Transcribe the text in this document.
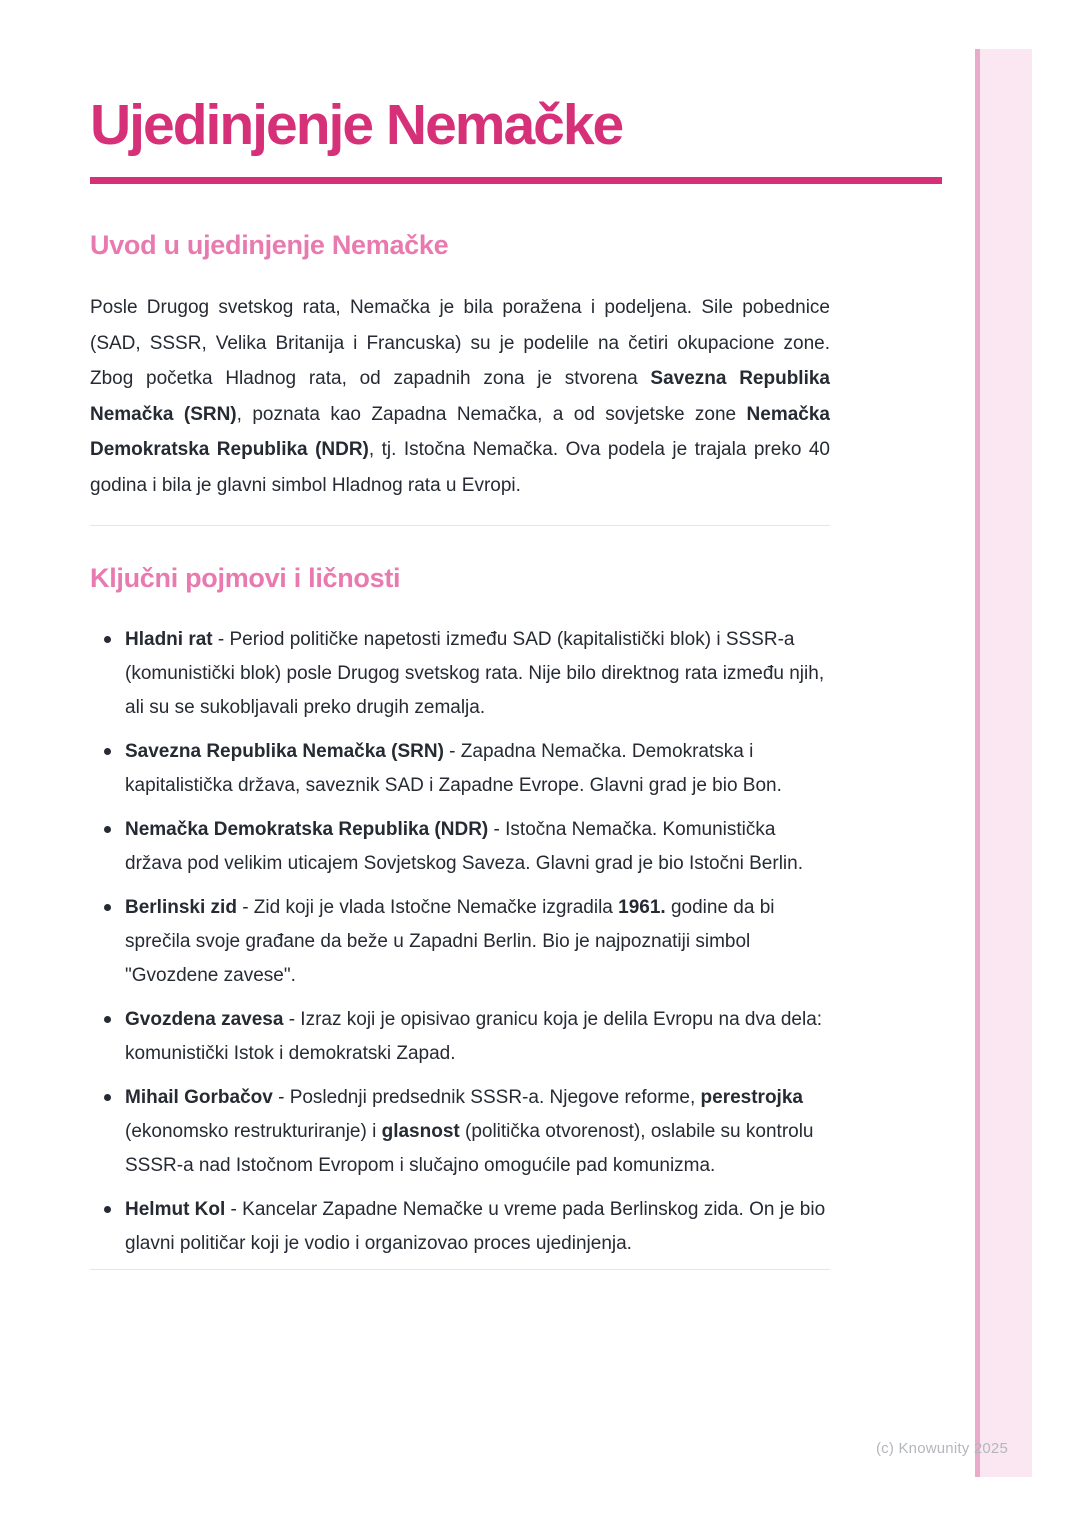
Ujedinjenje Nemačke
Uvod u ujedinjenje Nemačke

Posle Drugog svetskog rata, Nemačka je bila poražena i podeljena. Sile pobednice (SAD, SSSR, Velika Britanija i Francuska) su je podelile na četiri okupacione zone. Zbog početka Hladnog rata, od zapadnih zona je stvorena Savezna Republika Nemačka (SRN), poznata kao Zapadna Nemačka, a od sovjetske zone Nemačka Demokratska Republika (NDR), tj. Istočna Nemačka. Ova podela je trajala preko 40 godina i bila je glavni simbol Hladnog rata u Evropi.

Ključni pojmovi i ličnosti
Hladni rat - Period političke napetosti između SAD (kapitalistički blok) i SSSR-a (komunistički blok) posle Drugog svetskog rata. Nije bilo direktnog rata između njih, ali su se sukobljavali preko drugih zemalja.
Savezna Republika Nemačka (SRN) - Zapadna Nemačka. Demokratska i kapitalistička država, saveznik SAD i Zapadne Evrope. Glavni grad je bio Bon.
Nemačka Demokratska Republika (NDR) - Istočna Nemačka. Komunistička država pod velikim uticajem Sovjetskog Saveza. Glavni grad je bio Istočni Berlin.
Berlinski zid - Zid koji je vlada Istočne Nemačke izgradila 1961. godine da bi sprečila svoje građane da beže u Zapadni Berlin. Bio je najpoznatiji simbol "Gvozdene zavese".
Gvozdena zavesa - Izraz koji je opisivao granicu koja je delila Evropu na dva dela: komunistički Istok i demokratski Zapad.
Mihail Gorbačov - Poslednji predsednik SSSR-a. Njegove reforme, perestrojka (ekonomsko restrukturiranje) i glasnost (politička otvorenost), oslabile su kontrolu SSSR-a nad Istočnom Evropom i slučajno omogućile pad komunizma.
Helmut Kol - Kancelar Zapadne Nemačke u vreme pada Berlinskog zida. On je bio glavni političar koji je vodio i organizovao proces ujedinjenja.
(c) Knowunity 2025
